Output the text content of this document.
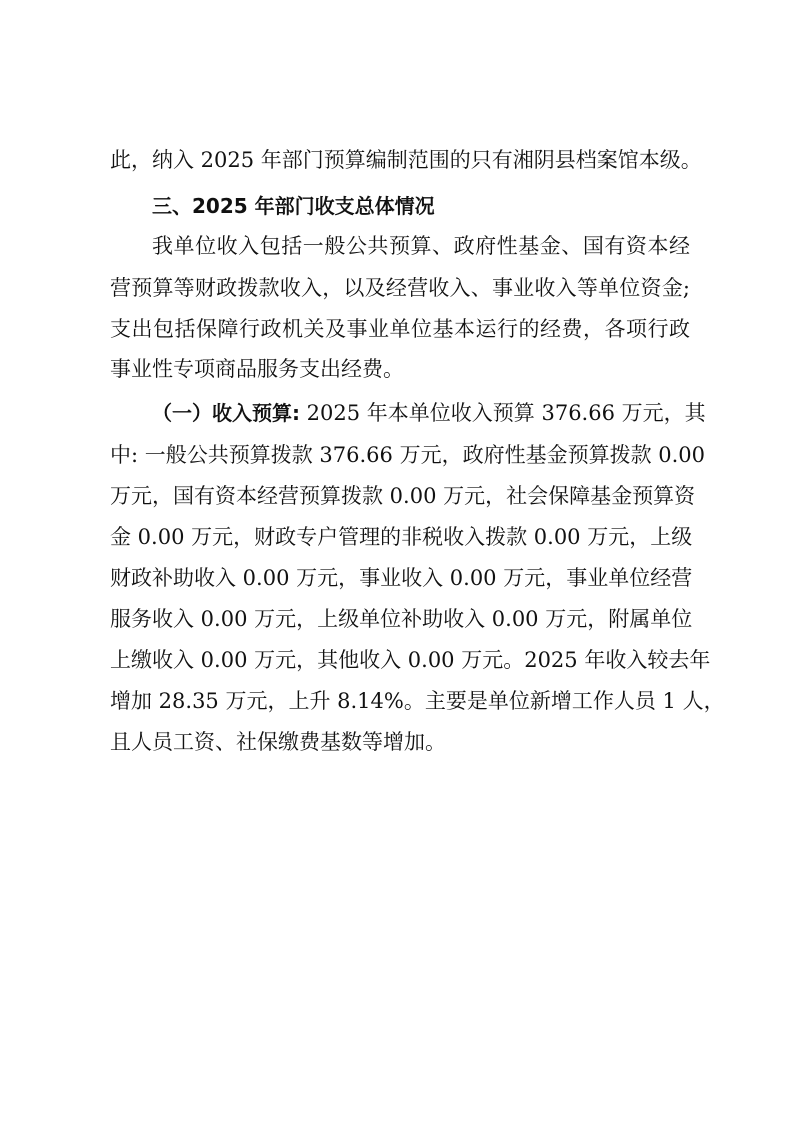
此，纳入 2025 年部门预算编制范围的只有湘阴县档案馆本级。
三、2025 年部门收支总体情况
我单位收入包括一般公共预算、政府性基金、国有资本经
营预算等财政拨款收入，以及经营收入、事业收入等单位资金;
支出包括保障行政机关及事业单位基本运行的经费，各项行政
事业性专项商品服务支出经费。
（一）收入预算: 2025 年本单位收入预算 376.66 万元，其
中: 一般公共预算拨款 376.66 万元，政府性基金预算拨款 0.00
万元，国有资本经营预算拨款 0.00 万元，社会保障基金预算资
金 0.00 万元，财政专户管理的非税收入拨款 0.00 万元，上级
财政补助收入 0.00 万元，事业收入 0.00 万元，事业单位经营
服务收入 0.00 万元，上级单位补助收入 0.00 万元，附属单位
上缴收入 0.00 万元，其他收入 0.00 万元。2025 年收入较去年
增加 28.35 万元，上升 8.14%。主要是单位新增工作人员 1 人，
且人员工资、社保缴费基数等增加。
